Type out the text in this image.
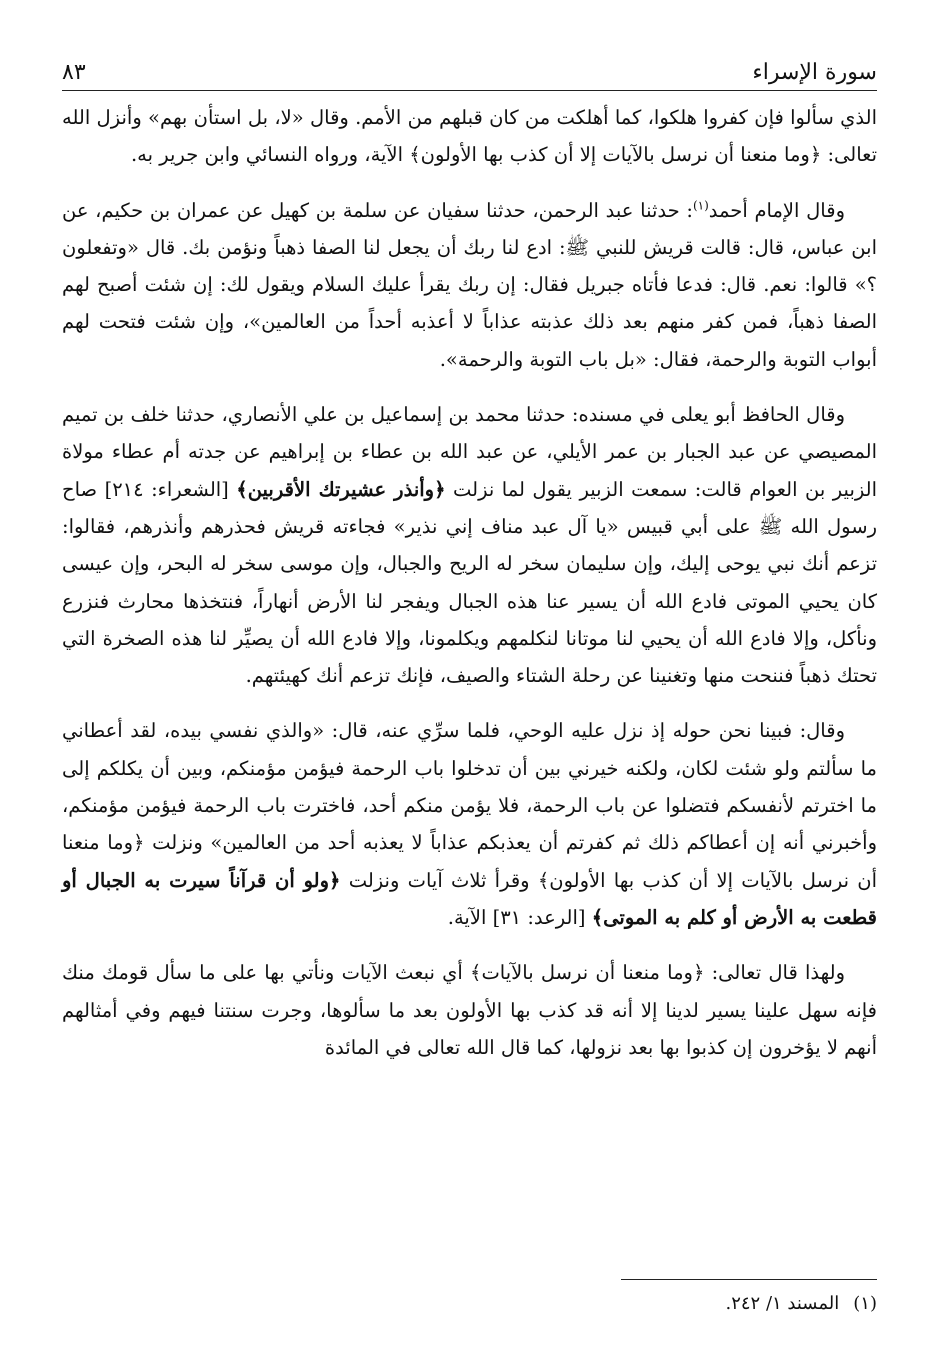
سورة الإسراء
٨٣

الذي سألوا فإن كفروا هلكوا، كما أهلكت من كان قبلهم من الأمم. وقال «لا، بل استأن بهم» وأنزل الله تعالى: ﴿وما منعنا أن نرسل بالآيات إلا أن كذب بها الأولون﴾ الآية، ورواه النسائي وابن جرير به.

وقال الإمام أحمد$^{(١)}$: حدثنا عبد الرحمن، حدثنا سفيان عن سلمة بن كهيل عن عمران بن حكيم، عن ابن عباس، قال: قالت قريش للنبي ﷺ: ادع لنا ربك أن يجعل لنا الصفا ذهباً ونؤمن بك. قال «وتفعلون ؟» قالوا: نعم. قال: فدعا فأتاه جبريل فقال: إن ربك يقرأ عليك السلام ويقول لك: إن شئت أصبح لهم الصفا ذهباً، فمن كفر منهم بعد ذلك عذبته عذاباً لا أعذبه أحداً من العالمين»، وإن شئت فتحت لهم أبواب التوبة والرحمة، فقال: «بل باب التوبة والرحمة».

وقال الحافظ أبو يعلى في مسنده: حدثنا محمد بن إسماعيل بن علي الأنصاري، حدثنا خلف بن تميم المصيصي عن عبد الجبار بن عمر الأيلي، عن عبد الله بن عطاء بن إبراهيم عن جدته أم عطاء مولاة الزبير بن العوام قالت: سمعت الزبير يقول لما نزلت ﴿وأنذر عشيرتك الأقربين﴾ [الشعراء: ٢١٤] صاح رسول الله ﷺ على أبي قبيس «يا آل عبد مناف إني نذير» فجاءته قريش فحذرهم وأنذرهم، فقالوا: تزعم أنك نبي يوحى إليك، وإن سليمان سخر له الريح والجبال، وإن موسى سخر له البحر، وإن عيسى كان يحيي الموتى فادع الله أن يسير عنا هذه الجبال ويفجر لنا الأرض أنهاراً، فنتخذها محارث فنزرع ونأكل، وإلا فادع الله أن يحيي لنا موتانا لنكلمهم ويكلمونا، وإلا فادع الله أن يصيِّر لنا هذه الصخرة التي تحتك ذهباً فننحت منها وتغنينا عن رحلة الشتاء والصيف، فإنك تزعم أنك كهيئتهم.

وقال: فبينا نحن حوله إذ نزل عليه الوحي، فلما سرِّي عنه، قال: «والذي نفسي بيده، لقد أعطاني ما سألتم ولو شئت لكان، ولكنه خيرني بين أن تدخلوا باب الرحمة فيؤمن مؤمنكم، وبين أن يكلكم إلى ما اخترتم لأنفسكم فتضلوا عن باب الرحمة، فلا يؤمن منكم أحد، فاخترت باب الرحمة فيؤمن مؤمنكم، وأخبرني أنه إن أعطاكم ذلك ثم كفرتم أن يعذبكم عذاباً لا يعذبه أحد من العالمين» ونزلت ﴿وما منعنا أن نرسل بالآيات إلا أن كذب بها الأولون﴾ وقرأ ثلاث آيات ونزلت ﴿ولو أن قرآناً سيرت به الجبال أو قطعت به الأرض أو كلم به الموتى﴾ [الرعد: ٣١] الآية.

ولهذا قال تعالى: ﴿وما منعنا أن نرسل بالآيات﴾ أي نبعث الآيات ونأتي بها على ما سأل قومك منك فإنه سهل علينا يسير لدينا إلا أنه قد كذب بها الأولون بعد ما سألوها، وجرت سنتنا فيهم وفي أمثالهم أنهم لا يؤخرون إن كذبوا بها بعد نزولها، كما قال الله تعالى في المائدة

(١)المسند ١/ ٢٤٢.
